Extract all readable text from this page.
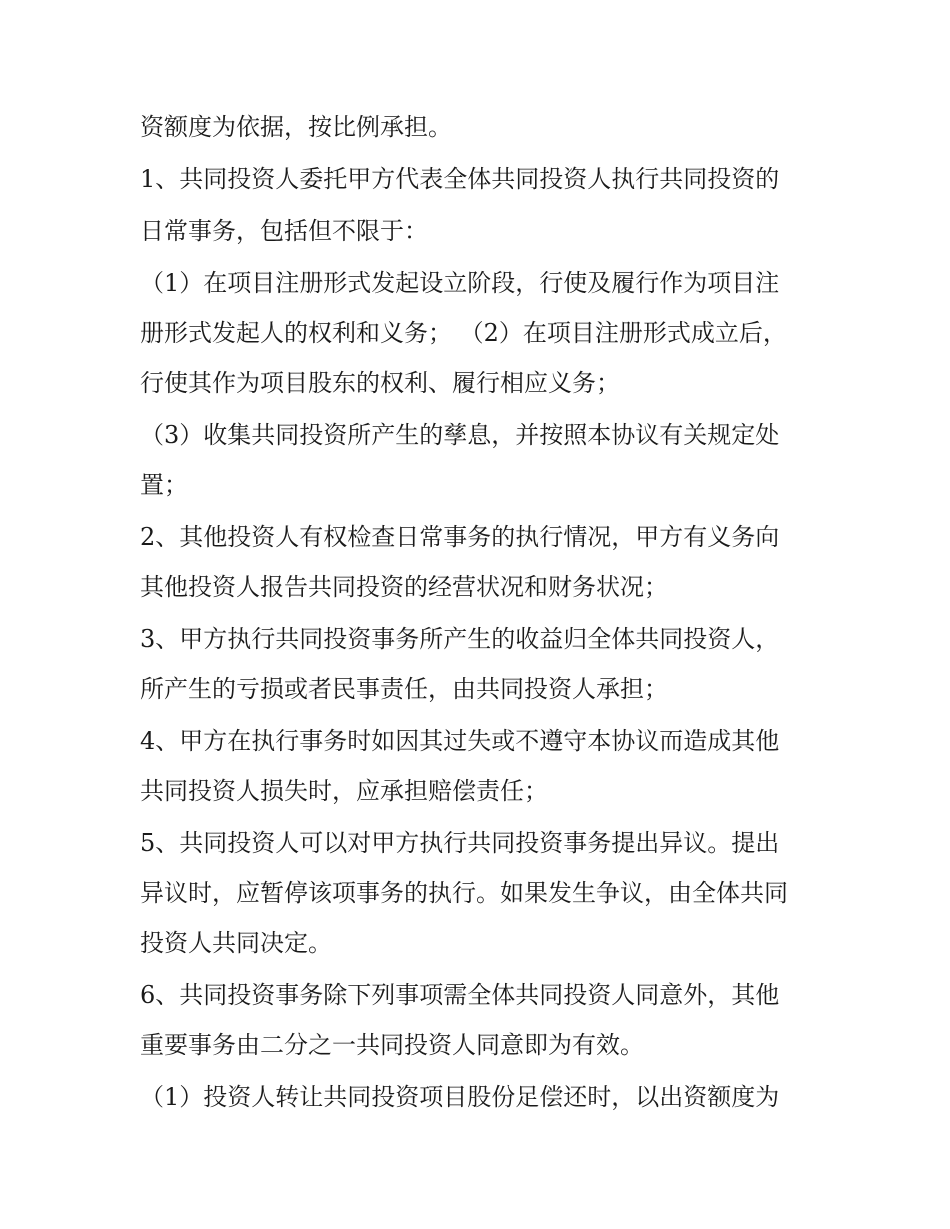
资额度为依据，按比例承担。

1、共同投资人委托甲方代表全体共同投资人执行共同投资的

日常事务，包括但不限于：

（1）在项目注册形式发起设立阶段，行使及履行作为项目注

册形式发起人的权利和义务； （2）在项目注册形式成立后，

行使其作为项目股东的权利、履行相应义务；

（3）收集共同投资所产生的孳息，并按照本协议有关规定处

置；

2、其他投资人有权检查日常事务的执行情况，甲方有义务向

其他投资人报告共同投资的经营状况和财务状况；

3、甲方执行共同投资事务所产生的收益归全体共同投资人，

所产生的亏损或者民事责任，由共同投资人承担；

4、甲方在执行事务时如因其过失或不遵守本协议而造成其他

共同投资人损失时，应承担赔偿责任；

5、共同投资人可以对甲方执行共同投资事务提出异议。提出

异议时，应暂停该项事务的执行。如果发生争议，由全体共同

投资人共同决定。

6、共同投资事务除下列事项需全体共同投资人同意外，其他

重要事务由二分之一共同投资人同意即为有效。

（1）投资人转让共同投资项目股份足偿还时，以出资额度为
